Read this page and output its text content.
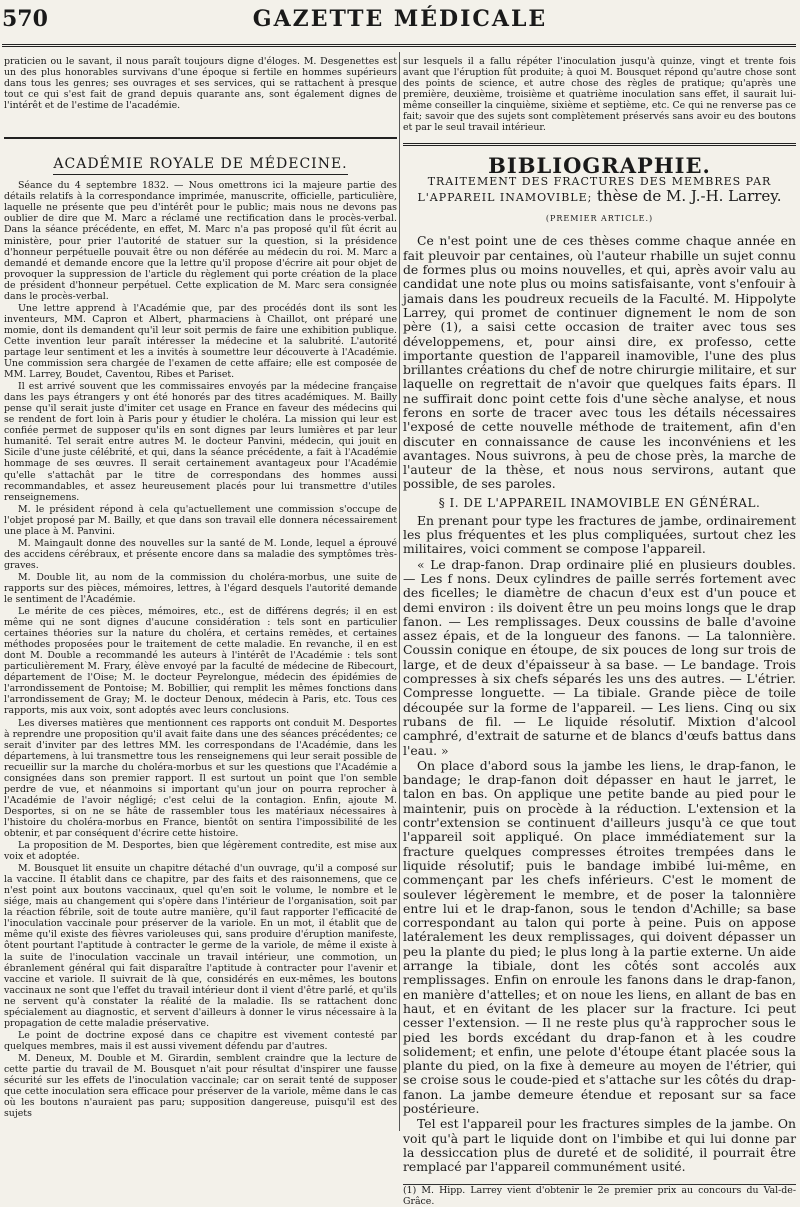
570	GAZETTE MÉDICALE

praticien ou le savant, il nous paraît toujours digne d'éloges. M. Desgenettes est un des plus honorables survivans d'une époque si fertile en hommes supérieurs dans tous les genres; ses ouvrages et ses services, qui se rattachent à presque tout ce qui s'est fait de grand depuis quarante ans, sont également dignes de l'intérêt et de l'estime de l'académie.

ACADÉMIE ROYALE DE MÉDECINE.

Séance du 4 septembre 1832. — Nous omettrons ici la majeure partie des détails relatifs à la correspondance imprimée, manuscrite, officielle, particulière, laquelle ne présente que peu d'intérêt pour le public; mais nous ne devons pas oublier de dire que M. Marc a réclamé une rectification dans le procès-verbal. Dans la séance précédente, en effet, M. Marc n'a pas proposé qu'il fût écrit au ministère, pour prier l'autorité de statuer sur la question, si la présidence d'honneur perpétuelle pouvait être ou non déférée au médecin du roi. M. Marc a demandé et demande encore que la lettre qu'il propose d'écrire ait pour objet de provoquer la suppression de l'article du règlement qui porte création de la place de président d'honneur perpétuel. Cette explication de M. Marc sera consignée dans le procès-verbal.

Une lettre apprend à l'Académie que, par des procédés dont ils sont les inventeurs, MM. Capron et Albert, pharmaciens à Chaillot, ont préparé une momie, dont ils demandent qu'il leur soit permis de faire une exhibition publique. Cette invention leur paraît intéresser la médecine et la salubrité. L'autorité partage leur sentiment et les a invités à soumettre leur découverte à l'Académie. Une commission sera chargée de l'examen de cette affaire; elle est composée de MM. Larrey, Boudet, Caventou, Ribes et Pariset.

Il est arrivé souvent que les commissaires envoyés par la médecine française dans les pays étrangers y ont été honorés par des titres académiques. M. Bailly pense qu'il serait juste d'imiter cet usage en France en faveur des médecins qui se rendent de fort loin à Paris pour y étudier le choléra. La mission qui leur est confiée permet de supposer qu'ils en sont dignes par leurs lumières et par leur humanité. Tel serait entre autres M. le docteur Panvini, médecin, qui jouit en Sicile d'une juste célébrité, et qui, dans la séance précédente, a fait à l'Académie hommage de ses œuvres. Il serait certainement avantageux pour l'Académie qu'elle s'attachât par le titre de correspondans des hommes aussi recommandables, et assez heureusement placés pour lui transmettre d'utiles renseignemens.

M. le président répond à cela qu'actuellement une commission s'occupe de l'objet proposé par M. Bailly, et que dans son travail elle donnera nécessairement une place à M. Panvini.

M. Maingault donne des nouvelles sur la santé de M. Londe, lequel a éprouvé des accidens cérébraux, et présente encore dans sa maladie des symptômes très-graves.

M. Double lit, au nom de la commission du choléra-morbus, une suite de rapports sur des pièces, mémoires, lettres, à l'égard desquels l'autorité demande le sentiment de l'Académie.

Le mérite de ces pièces, mémoires, etc., est de différens degrés; il en est même qui ne sont dignes d'aucune considération : tels sont en particulier certaines théories sur la nature du choléra, et certains remèdes, et certaines méthodes proposées pour le traitement de cette maladie. En revanche, il en est dont M. Double a recommandé les auteurs à l'intérêt de l'Académie : tels sont particulièrement M. Frary, élève envoyé par la faculté de médecine de Ribecourt, département de l'Oise; M. le docteur Peyrelongue, médecin des épidémies de l'arrondissement de Pontoise; M. Bobillier, qui remplit les mêmes fonctions dans l'arrondissement de Gray; M. le docteur Denoux, médecin à Paris, etc. Tous ces rapports, mis aux voix, sont adoptés avec leurs conclusions.

Les diverses matières que mentionnent ces rapports ont conduit M. Desportes à reprendre une proposition qu'il avait faite dans une des séances précédentes; ce serait d'inviter par des lettres MM. les correspondans de l'Académie, dans les départemens, à lui transmettre tous les renseignemens qui leur serait possible de recueillir sur la marche du choléra-morbus et sur les questions que l'Académie a consignées dans son premier rapport. Il est surtout un point que l'on semble perdre de vue, et néanmoins si important qu'un jour on pourra reprocher à l'Académie de l'avoir négligé; c'est celui de la contagion. Enfin, ajoute M. Desportes, si on ne se hâte de rassembler tous les matériaux nécessaires à l'histoire du choléra-morbus en France, bientôt on sentira l'impossibilité de les obtenir, et par conséquent d'écrire cette histoire.

La proposition de M. Desportes, bien que légèrement contredite, est mise aux voix et adoptée.

M. Bousquet lit ensuite un chapitre détaché d'un ouvrage, qu'il a composé sur la vaccine. Il établit dans ce chapitre, par des faits et des raisonnemens, que ce n'est point aux boutons vaccinaux, quel qu'en soit le volume, le nombre et le siége, mais au changement qui s'opère dans l'intérieur de l'organisation, soit par la réaction fébrile, soit de toute autre manière, qu'il faut rapporter l'efficacité de l'inoculation vaccinale pour préserver de la variole. En un mot, il établit que de même qu'il existe des fièvres varioleuses qui, sans produire d'éruption manifeste, ôtent pourtant l'aptitude à contracter le germe de la variole, de même il existe à la suite de l'inoculation vaccinale un travail intérieur, une commotion, un ébranlement général qui fait disparaître l'aptitude à contracter pour l'avenir et vaccine et variole. Il suivrait de là que, considérés en eux-mêmes, les boutons vaccinaux ne sont que l'effet du travail intérieur dont il vient d'être parlé, et qu'ils ne servent qu'à constater la réalité de la maladie. Ils se rattachent donc spécialement au diagnostic, et servent d'ailleurs à donner le virus nécessaire à la propagation de cette maladie préservative.

Le point de doctrine exposé dans ce chapitre est vivement contesté par quelques membres, mais il est aussi vivement défendu par d'autres.

M. Deneux, M. Double et M. Girardin, semblent craindre que la lecture de cette partie du travail de M. Bousquet n'ait pour résultat d'inspirer une fausse sécurité sur les effets de l'inoculation vaccinale; car on serait tenté de supposer que cette inoculation sera efficace pour préserver de la variole, même dans le cas où les boutons n'auraient pas paru; supposition dangereuse, puisqu'il est des sujets

sur lesquels il a fallu répéter l'inoculation jusqu'à quinze, vingt et trente fois avant que l'éruption fût produite; à quoi M. Bousquet répond qu'autre chose sont des points de science, et autre chose des règles de pratique; qu'après une première, deuxième, troisième et quatrième inoculation sans effet, il saurait lui-même conseiller la cinquième, sixième et septième, etc. Ce qui ne renverse pas ce fait; savoir que des sujets sont complètement préservés sans avoir eu des boutons et par le seul travail intérieur.

BIBLIOGRAPHIE.
TRAITEMENT DES FRACTURES DES MEMBRES PAR L'APPAREIL INAMOVIBLE; thèse de M. J.-H. Larrey.
(PREMIER ARTICLE.)

Ce n'est point une de ces thèses comme chaque année en fait pleuvoir par centaines, où l'auteur rhabille un sujet connu de formes plus ou moins nouvelles, et qui, après avoir valu au candidat une note plus ou moins satisfaisante, vont s'enfouir à jamais dans les poudreux recueils de la Faculté. M. Hippolyte Larrey, qui promet de continuer dignement le nom de son père (1), a saisi cette occasion de traiter avec tous ses développemens, et, pour ainsi dire, ex professo, cette importante question de l'appareil inamovible, l'une des plus brillantes créations du chef de notre chirurgie militaire, et sur laquelle on regrettait de n'avoir que quelques faits épars. Il ne suffirait donc point cette fois d'une sèche analyse, et nous ferons en sorte de tracer avec tous les détails nécessaires l'exposé de cette nouvelle méthode de traitement, afin d'en discuter en connaissance de cause les inconvéniens et les avantages. Nous suivrons, à peu de chose près, la marche de l'auteur de la thèse, et nous nous servirons, autant que possible, de ses paroles.

§ I. DE L'APPAREIL INAMOVIBLE EN GÉNÉRAL.

En prenant pour type les fractures de jambe, ordinairement les plus fréquentes et les plus compliquées, surtout chez les militaires, voici comment se compose l'appareil.

« Le drap-fanon. Drap ordinaire plié en plusieurs doubles. — Les f nons. Deux cylindres de paille serrés fortement avec des ficelles; le diamètre de chacun d'eux est d'un pouce et demi environ : ils doivent être un peu moins longs que le drap fanon. — Les remplissages. Deux coussins de balle d'avoine assez épais, et de la longueur des fanons. — La talonnière. Coussin conique en étoupe, de six pouces de long sur trois de large, et de deux d'épaisseur à sa base. — Le bandage. Trois compresses à six chefs séparés les uns des autres. — L'étrier. Compresse longuette. — La tibiale. Grande pièce de toile découpée sur la forme de l'appareil. — Les liens. Cinq ou six rubans de fil. — Le liquide résolutif. Mixtion d'alcool camphré, d'extrait de saturne et de blancs d'œufs battus dans l'eau. »

On place d'abord sous la jambe les liens, le drap-fanon, le bandage; le drap-fanon doit dépasser en haut le jarret, le talon en bas. On applique une petite bande au pied pour le maintenir, puis on procède à la réduction. L'extension et la contr'extension se continuent d'ailleurs jusqu'à ce que tout l'appareil soit appliqué. On place immédiatement sur la fracture quelques compresses étroites trempées dans le liquide résolutif; puis le bandage imbibé lui-même, en commençant par les chefs inférieurs. C'est le moment de soulever légèrement le membre, et de poser la talonnière entre lui et le drap-fanon, sous le tendon d'Achille; sa base correspondant au talon qui porte à peine. Puis on appose latéralement les deux remplissages, qui doivent dépasser un peu la plante du pied; le plus long à la partie externe. Un aide arrange la tibiale, dont les côtés sont accolés aux remplissages. Enfin on enroule les fanons dans le drap-fanon, en manière d'attelles; et on noue les liens, en allant de bas en haut, et en évitant de les placer sur la fracture. Ici peut cesser l'extension. — Il ne reste plus qu'à rapprocher sous le pied les bords excédant du drap-fanon et à les coudre solidement; et enfin, une pelote d'étoupe étant placée sous la plante du pied, on la fixe à demeure au moyen de l'étrier, qui se croise sous le coude-pied et s'attache sur les côtés du drap-fanon. La jambe demeure étendue et reposant sur sa face postérieure.

Tel est l'appareil pour les fractures simples de la jambe. On voit qu'à part le liquide dont on l'imbibe et qui lui donne par la dessiccation plus de dureté et de solidité, il pourrait être remplacé par l'appareil communément usité.

(1) M. Hipp. Larrey vient d'obtenir le 2e premier prix au concours du Val-de-Grâce.
